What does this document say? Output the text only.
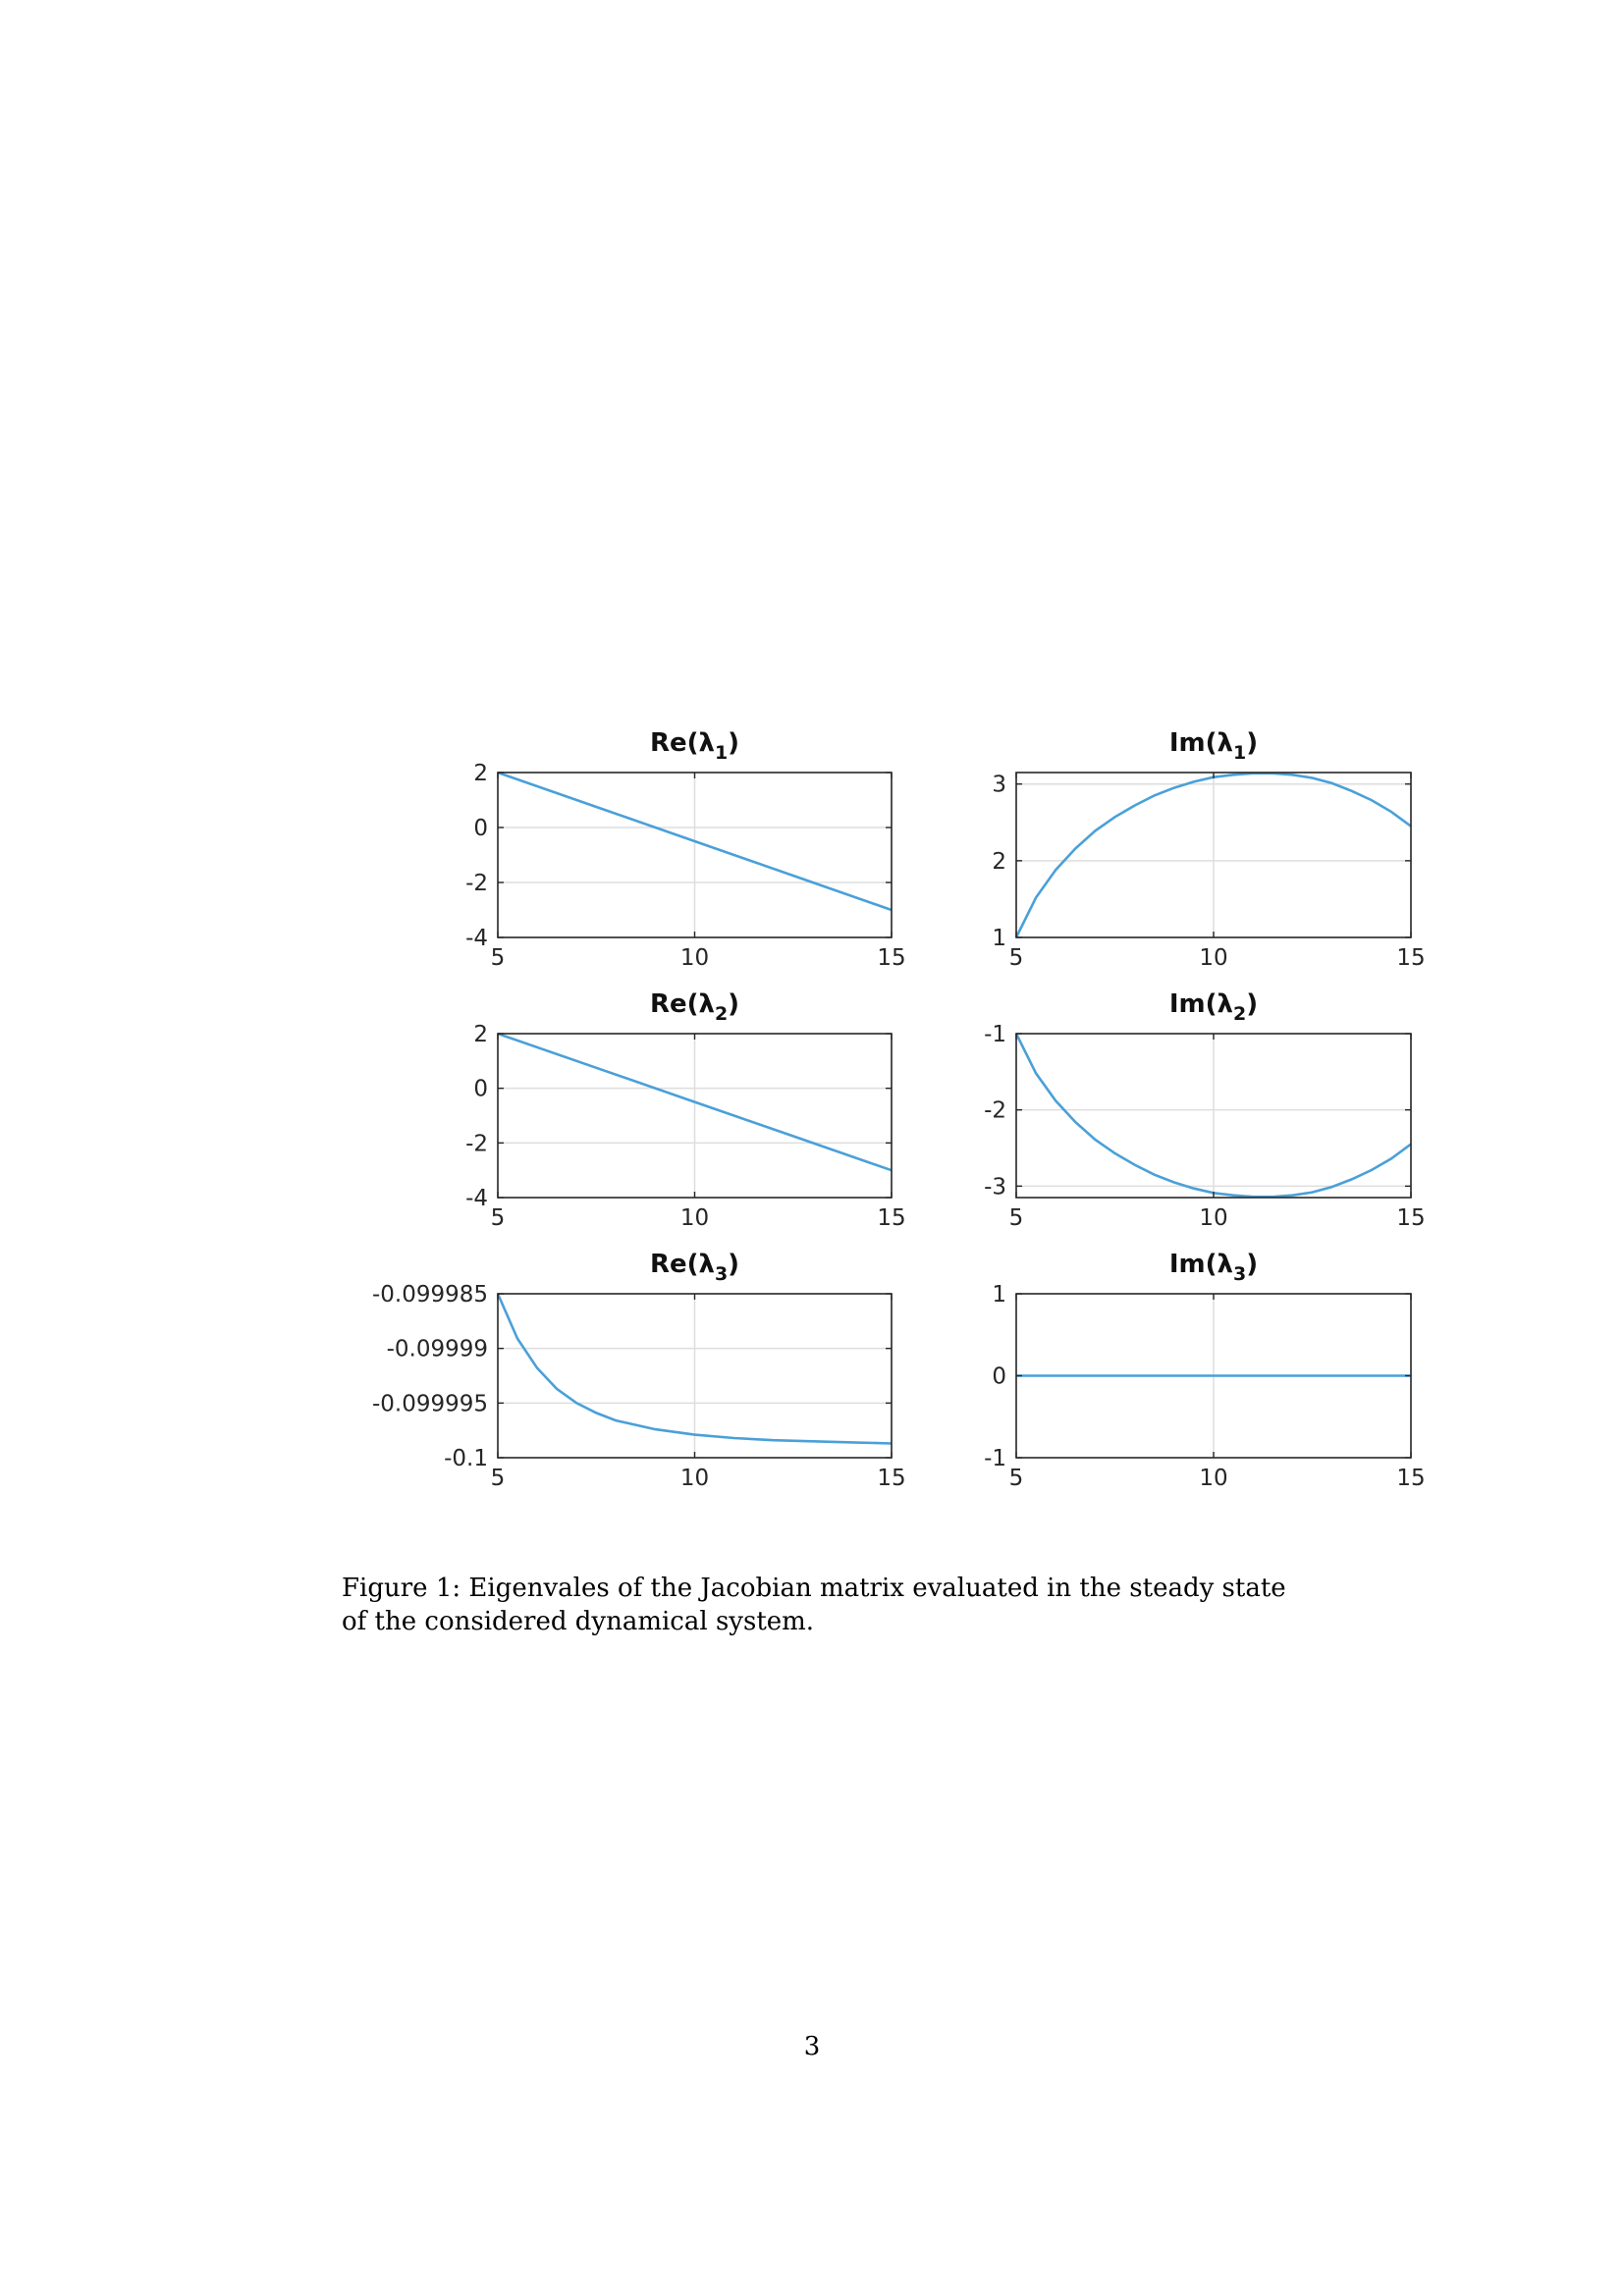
5	10	15
2
0
-2
-4
$Re(\lambda_1)$
5	10	15
3
2
1
$Im(\lambda_1)$
5	10	15
2
0
-2
-4
$Re(\lambda_2)$
5	10	15
-1
-2
-3
$Im(\lambda_2)$
5	10	15
-0.099985
-0.09999
-0.099995
-0.1
$Re(\lambda_3)$
5	10	15
1
0
-1
$Im(\lambda_3)$
Figure 1: Eigenvales of the Jacobian matrix evaluated in the steady state of the considered dynamical system.
3
